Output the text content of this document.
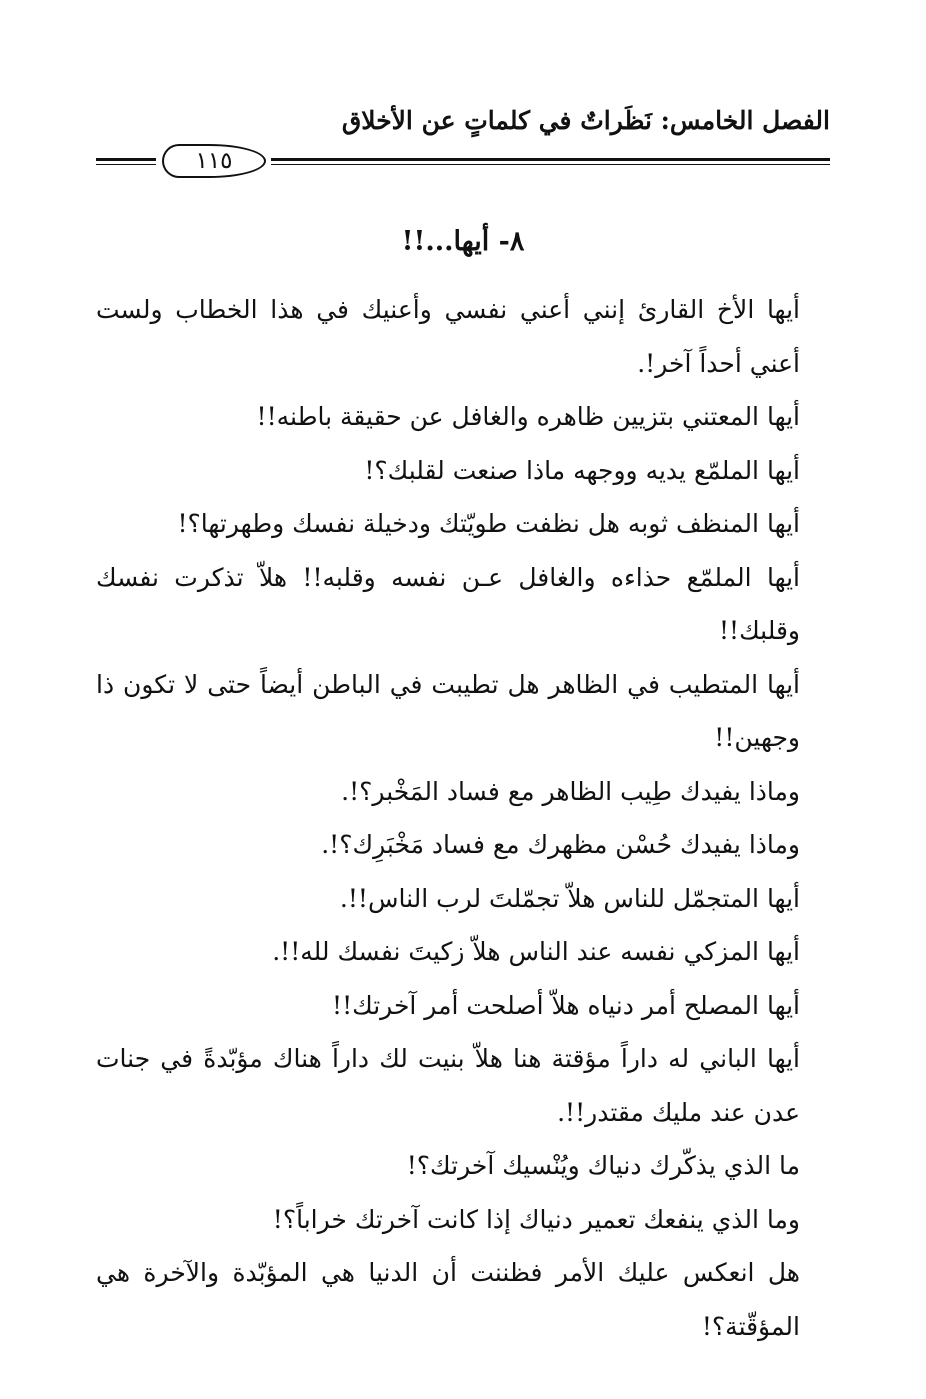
الفصل الخامس: نَظَراتٌ في كلماتٍ عن الأخلاق
١١٥
٨- أيها...!!

أيها الأخ القارئ إنني أعني نفسي وأعنيك في هذا الخطاب ولست أعني أحداً آخر!.

أيها المعتني بتزيين ظاهره والغافل عن حقيقة باطنه!!

أيها الملمّع يديه ووجهه ماذا صنعت لقلبك؟!

أيها المنظف ثوبه هل نظفت طويّتك ودخيلة نفسك وطهرتها؟!

أيها الملمّع حذاءه والغافل عـن نفسه وقلبه!! هلاّ تذكرت نفسك وقلبك!!

أيها المتطيب في الظاهر هل تطيبت في الباطن أيضاً حتى لا تكون ذا وجهين!!

وماذا يفيدك طِيب الظاهر مع فساد المَخْبر؟!.

وماذا يفيدك حُسْن مظهرك مع فساد مَخْبَرِك؟!.

أيها المتجمّل للناس هلاّ تجمّلتَ لرب الناس!!.

أيها المزكي نفسه عند الناس هلاّ زكيتَ نفسك لله!!.

أيها المصلح أمر دنياه هلاّ أصلحت أمر آخرتك!!

أيها الباني له داراً مؤقتة هنا هلاّ بنيت لك داراً هناك مؤبّدةً في جنات عدن عند مليك مقتدر!!.

ما الذي يذكّرك دنياك ويُنْسيك آخرتك؟!

وما الذي ينفعك تعمير دنياك إذا كانت آخرتك خراباً؟!

هل انعكس عليك الأمر فظننت أن الدنيا هي المؤبّدة والآخرة هي المؤقّتة؟!
